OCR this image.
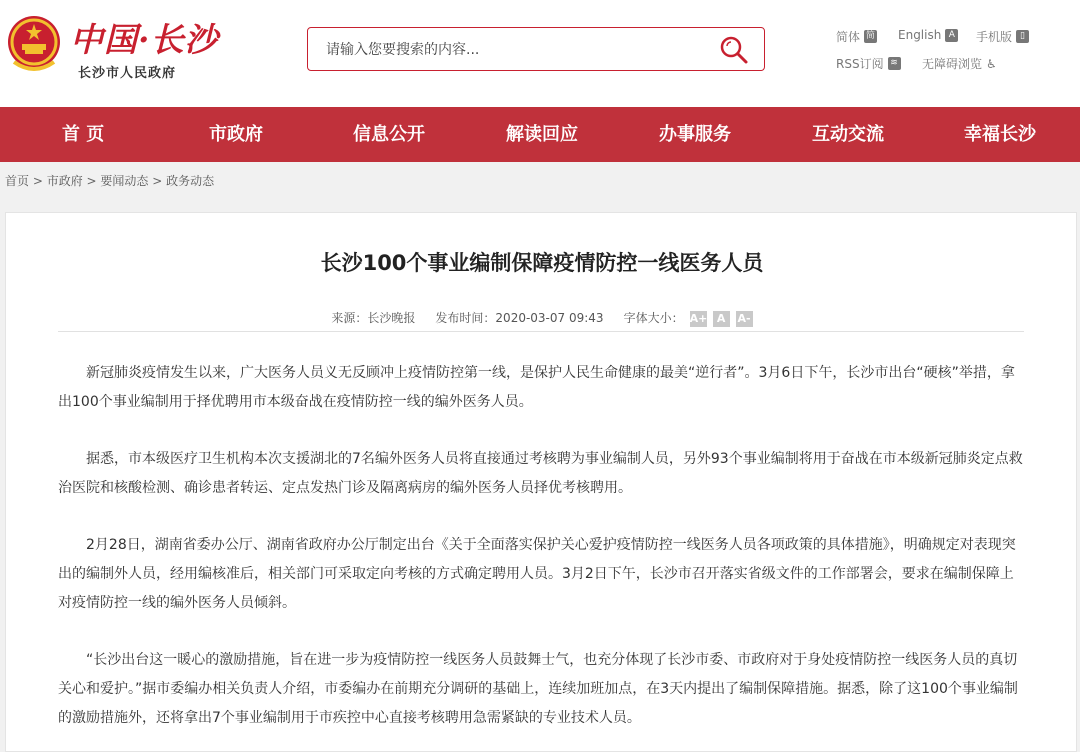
中国·长沙
长沙市人民政府
请输入您要搜索的内容...
简体 简 English A 手机版 ▯
RSS订阅 ≋ 无障碍浏览 ♿
首 页	市政府	信息公开	解读回应	办事服务	互动交流	幸福长沙
首页 > 市政府 > 要闻动态 > 政务动态
长沙100个事业编制保障疫情防控一线医务人员
来源：长沙晚报 发布时间：2020-03-07 09:43 字体大小： A+ A A-

新冠肺炎疫情发生以来，广大医务人员义无反顾冲上疫情防控第一线，是保护人民生命健康的最美“逆行者”。3月6日下午，长沙市出台“硬核”举措，拿出100个事业编制用于择优聘用市本级奋战在疫情防控一线的编外医务人员。

据悉，市本级医疗卫生机构本次支援湖北的7名编外医务人员将直接通过考核聘为事业编制人员，另外93个事业编制将用于奋战在市本级新冠肺炎定点救治医院和核酸检测、确诊患者转运、定点发热门诊及隔离病房的编外医务人员择优考核聘用。

2月28日，湖南省委办公厅、湖南省政府办公厅制定出台《关于全面落实保护关心爱护疫情防控一线医务人员各项政策的具体措施》，明确规定对表现突出的编制外人员，经用编核准后，相关部门可采取定向考核的方式确定聘用人员。3月2日下午，长沙市召开落实省级文件的工作部署会，要求在编制保障上对疫情防控一线的编外医务人员倾斜。

“长沙出台这一暖心的激励措施，旨在进一步为疫情防控一线医务人员鼓舞士气，也充分体现了长沙市委、市政府对于身处疫情防控一线医务人员的真切关心和爱护。”据市委编办相关负责人介绍，市委编办在前期充分调研的基础上，连续加班加点，在3天内提出了编制保障措施。据悉，除了这100个事业编制的激励措施外，还将拿出7个事业编制用于市疾控中心直接考核聘用急需紧缺的专业技术人员。
